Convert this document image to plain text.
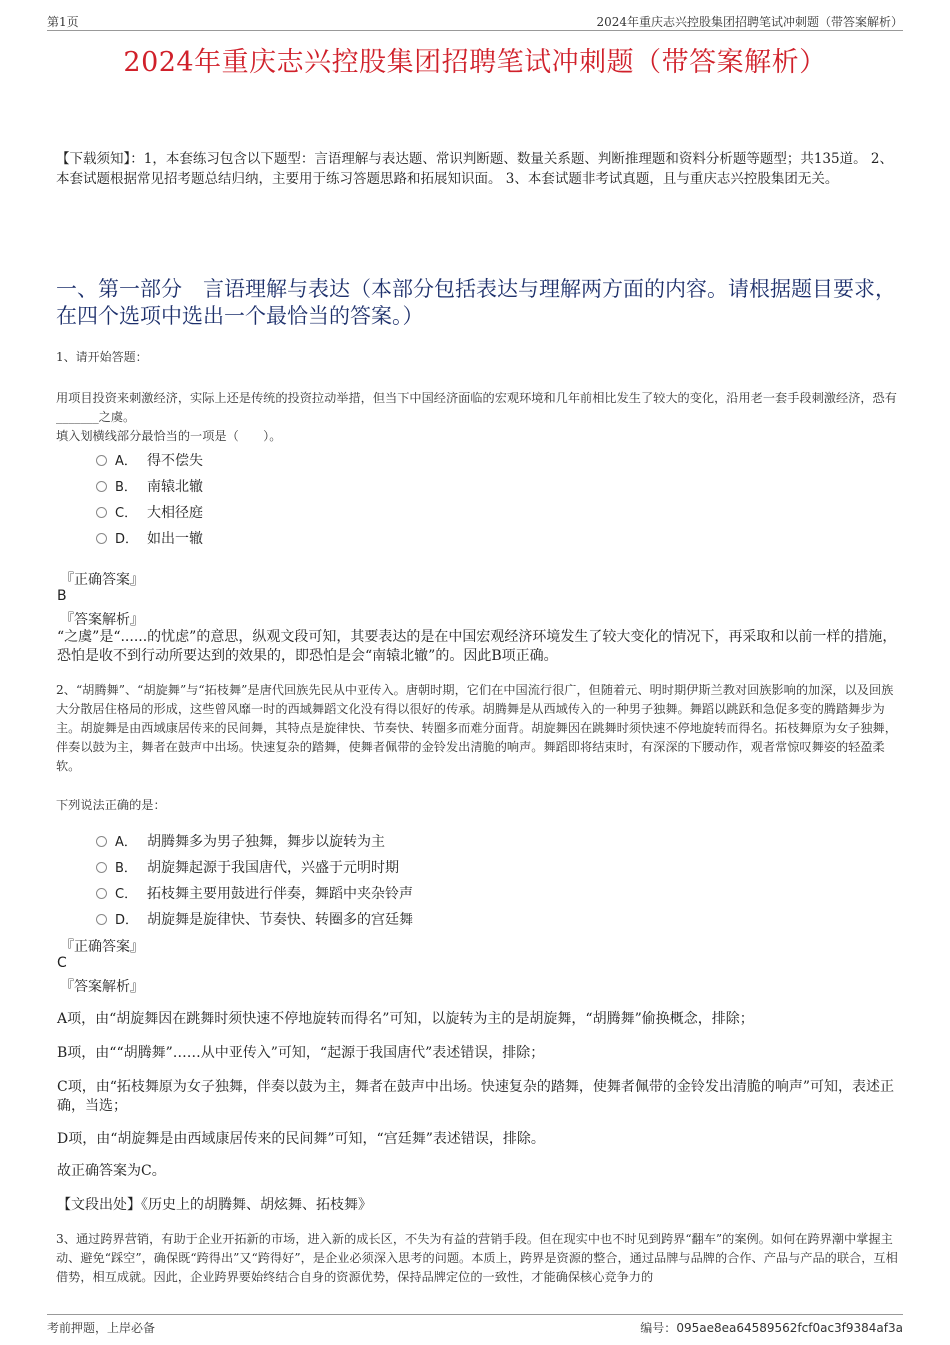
第1页	2024年重庆志兴控股集团招聘笔试冲刺题（带答案解析）
2024年重庆志兴控股集团招聘笔试冲刺题（带答案解析）
【下载须知】：1，本套练习包含以下题型：言语理解与表达题、常识判断题、数量关系题、判断推理题和资料分析题等题型；共135道。 2、本套试题根据常见招考题总结归纳，主要用于练习答题思路和拓展知识面。 3、本套试题非考试真题，且与重庆志兴控股集团无关。
一、第一部分　言语理解与表达（本部分包括表达与理解两方面的内容。请根据题目要求，在四个选项中选出一个最恰当的答案。）
1、请开始答题：
用项目投资来刺激经济，实际上还是传统的投资拉动举措，但当下中国经济面临的宏观环境和几年前相比发生了较大的变化，沿用老一套手段刺激经济，恐有_______之虞。
填入划横线部分最恰当的一项是（　　）。
A． 得不偿失
B． 南辕北辙
C． 大相径庭
D． 如出一辙
『正确答案』
B
『答案解析』
“之虞”是“......的忧虑”的意思，纵观文段可知，其要表达的是在中国宏观经济环境发生了较大变化的情况下，再采取和以前一样的措施，恐怕是收不到行动所要达到的效果的，即恐怕是会“南辕北辙”的。因此B项正确。
2、“胡腾舞”、“胡旋舞”与“拓枝舞”是唐代回族先民从中亚传入。唐朝时期，它们在中国流行很广，但随着元、明时期伊斯兰教对回族影响的加深，以及回族大分散居住格局的形成，这些曾风靡一时的西域舞蹈文化没有得以很好的传承。胡腾舞是从西域传入的一种男子独舞。舞蹈以跳跃和急促多变的腾踏舞步为主。胡旋舞是由西域康居传来的民间舞，其特点是旋律快、节奏快、转圈多而难分面背。胡旋舞因在跳舞时须快速不停地旋转而得名。拓枝舞原为女子独舞，伴奏以鼓为主，舞者在鼓声中出场。快速复杂的踏舞，使舞者佩带的金铃发出清脆的响声。舞蹈即将结束时，有深深的下腰动作，观者常惊叹舞姿的轻盈柔软。
下列说法正确的是：
A． 胡腾舞多为男子独舞，舞步以旋转为主
B． 胡旋舞起源于我国唐代，兴盛于元明时期
C． 拓枝舞主要用鼓进行伴奏，舞蹈中夹杂铃声
D． 胡旋舞是旋律快、节奏快、转圈多的宫廷舞
『正确答案』
C
『答案解析』
A项，由“胡旋舞因在跳舞时须快速不停地旋转而得名”可知，以旋转为主的是胡旋舞，“胡腾舞”偷换概念，排除；
B项，由““胡腾舞”……从中亚传入”可知，“起源于我国唐代”表述错误，排除；
C项，由“拓枝舞原为女子独舞，伴奏以鼓为主，舞者在鼓声中出场。快速复杂的踏舞，使舞者佩带的金铃发出清脆的响声”可知，表述正确，当选；
D项，由“胡旋舞是由西域康居传来的民间舞”可知，“宫廷舞”表述错误，排除。
故正确答案为C。
【文段出处】《历史上的胡腾舞、胡炫舞、拓枝舞》
3、通过跨界营销，有助于企业开拓新的市场，进入新的成长区，不失为有益的营销手段。但在现实中也不时见到跨界“翻车”的案例。如何在跨界潮中掌握主动、避免“踩空”，确保既“跨得出”又“跨得好”，是企业必须深入思考的问题。本质上，跨界是资源的整合，通过品牌与品牌的合作、产品与产品的联合，互相借势，相互成就。因此，企业跨界要始终结合自身的资源优势，保持品牌定位的一致性，才能确保核心竞争力的
考前押题，上岸必备	编号：095ae8ea64589562fcf0ac3f9384af3a
